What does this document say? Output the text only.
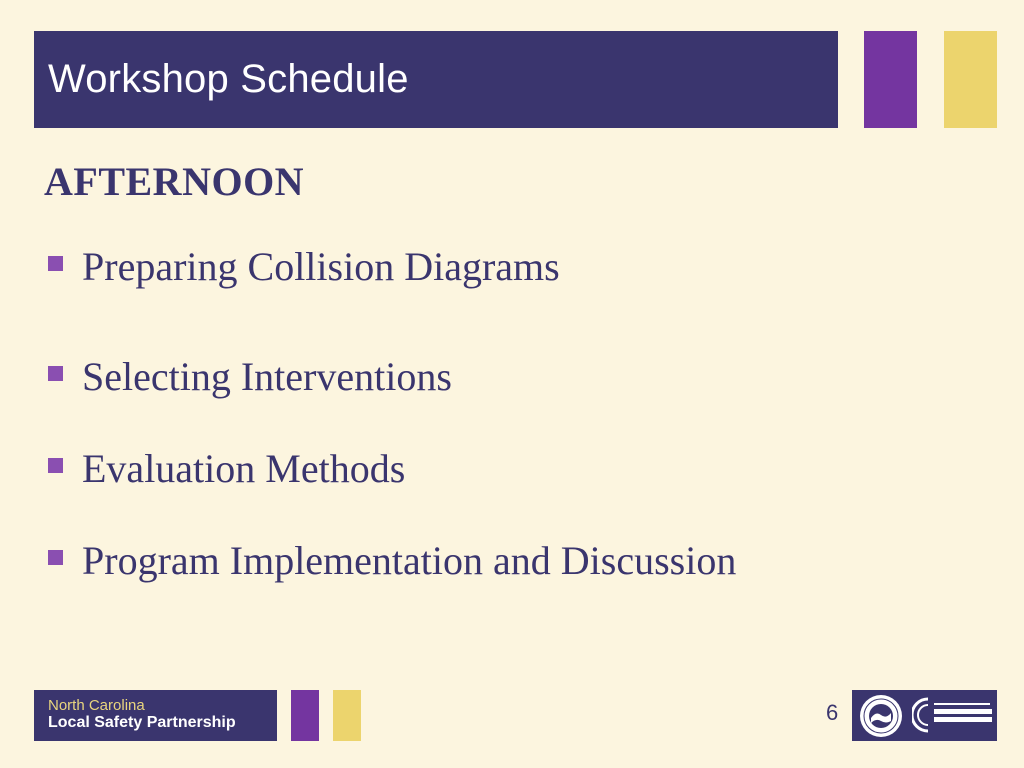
Workshop Schedule
AFTERNOON
Preparing Collision Diagrams
Selecting Interventions
Evaluation Methods
Program Implementation and Discussion
North Carolina
Local Safety Partnership	6
